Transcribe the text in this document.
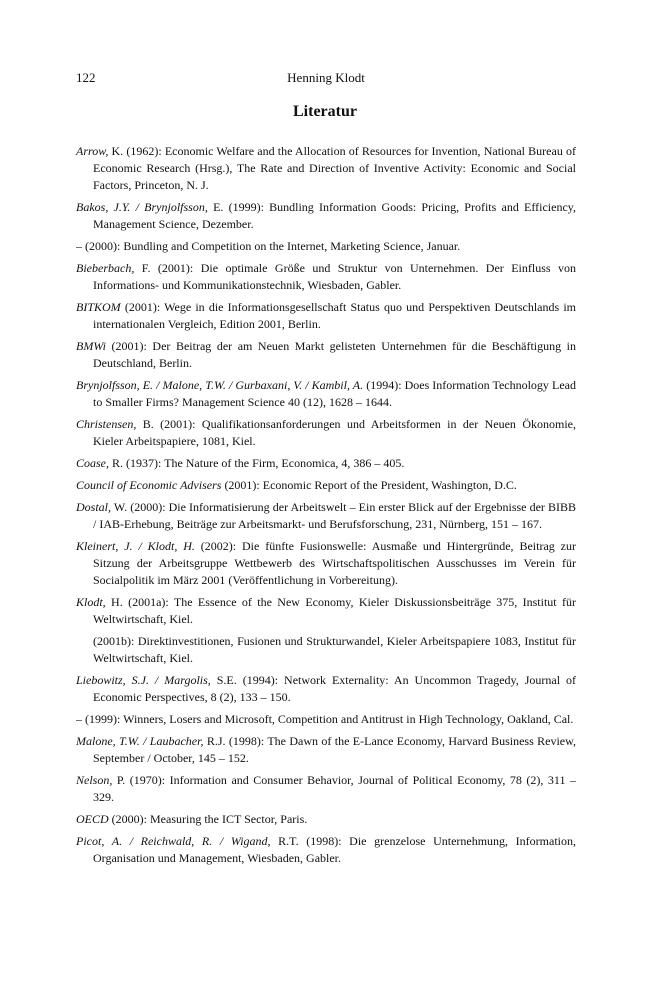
122	Henning Klodt
Literatur
Arrow, K. (1962): Economic Welfare and the Allocation of Resources for Invention, National Bureau of Economic Research (Hrsg.), The Rate and Direction of Inventive Activity: Economic and Social Factors, Princeton, N. J.
Bakos, J.Y. / Brynjolfsson, E. (1999): Bundling Information Goods: Pricing, Profits and Efficiency, Management Science, Dezember.
– (2000): Bundling and Competition on the Internet, Marketing Science, Januar.
Bieberbach, F. (2001): Die optimale Größe und Struktur von Unternehmen. Der Einfluss von Informations- und Kommunikationstechnik, Wiesbaden, Gabler.
BITKOM (2001): Wege in die Informationsgesellschaft Status quo und Perspektiven Deutschlands im internationalen Vergleich, Edition 2001, Berlin.
BMWi (2001): Der Beitrag der am Neuen Markt gelisteten Unternehmen für die Beschäftigung in Deutschland, Berlin.
Brynjolfsson, E. / Malone, T.W. / Gurbaxani, V. / Kambil, A. (1994): Does Information Technology Lead to Smaller Firms? Management Science 40 (12), 1628 – 1644.
Christensen, B. (2001): Qualifikationsanforderungen und Arbeitsformen in der Neuen Ökonomie, Kieler Arbeitspapiere, 1081, Kiel.
Coase, R. (1937): The Nature of the Firm, Economica, 4, 386 – 405.
Council of Economic Advisers (2001): Economic Report of the President, Washington, D.C.
Dostal, W. (2000): Die Informatisierung der Arbeitswelt – Ein erster Blick auf der Ergebnisse der BIBB / IAB-Erhebung, Beiträge zur Arbeitsmarkt- und Berufsforschung, 231, Nürnberg, 151 – 167.
Kleinert, J. / Klodt, H. (2002): Die fünfte Fusionswelle: Ausmaße und Hintergründe, Beitrag zur Sitzung der Arbeitsgruppe Wettbewerb des Wirtschaftspolitischen Ausschusses im Verein für Socialpolitik im März 2001 (Veröffentlichung in Vorbereitung).
Klodt, H. (2001a): The Essence of the New Economy, Kieler Diskussionsbeiträge 375, Institut für Weltwirtschaft, Kiel.
(2001b): Direktinvestitionen, Fusionen und Strukturwandel, Kieler Arbeitspapiere 1083, Institut für Weltwirtschaft, Kiel.
Liebowitz, S.J. / Margolis, S.E. (1994): Network Externality: An Uncommon Tragedy, Journal of Economic Perspectives, 8 (2), 133 – 150.
– (1999): Winners, Losers and Microsoft, Competition and Antitrust in High Technology, Oakland, Cal.
Malone, T.W. / Laubacher, R.J. (1998): The Dawn of the E-Lance Economy, Harvard Business Review, September / October, 145 – 152.
Nelson, P. (1970): Information and Consumer Behavior, Journal of Political Economy, 78 (2), 311 – 329.
OECD (2000): Measuring the ICT Sector, Paris.
Picot, A. / Reichwald, R. / Wigand, R.T. (1998): Die grenzelose Unternehmung, Information, Organisation und Management, Wiesbaden, Gabler.
